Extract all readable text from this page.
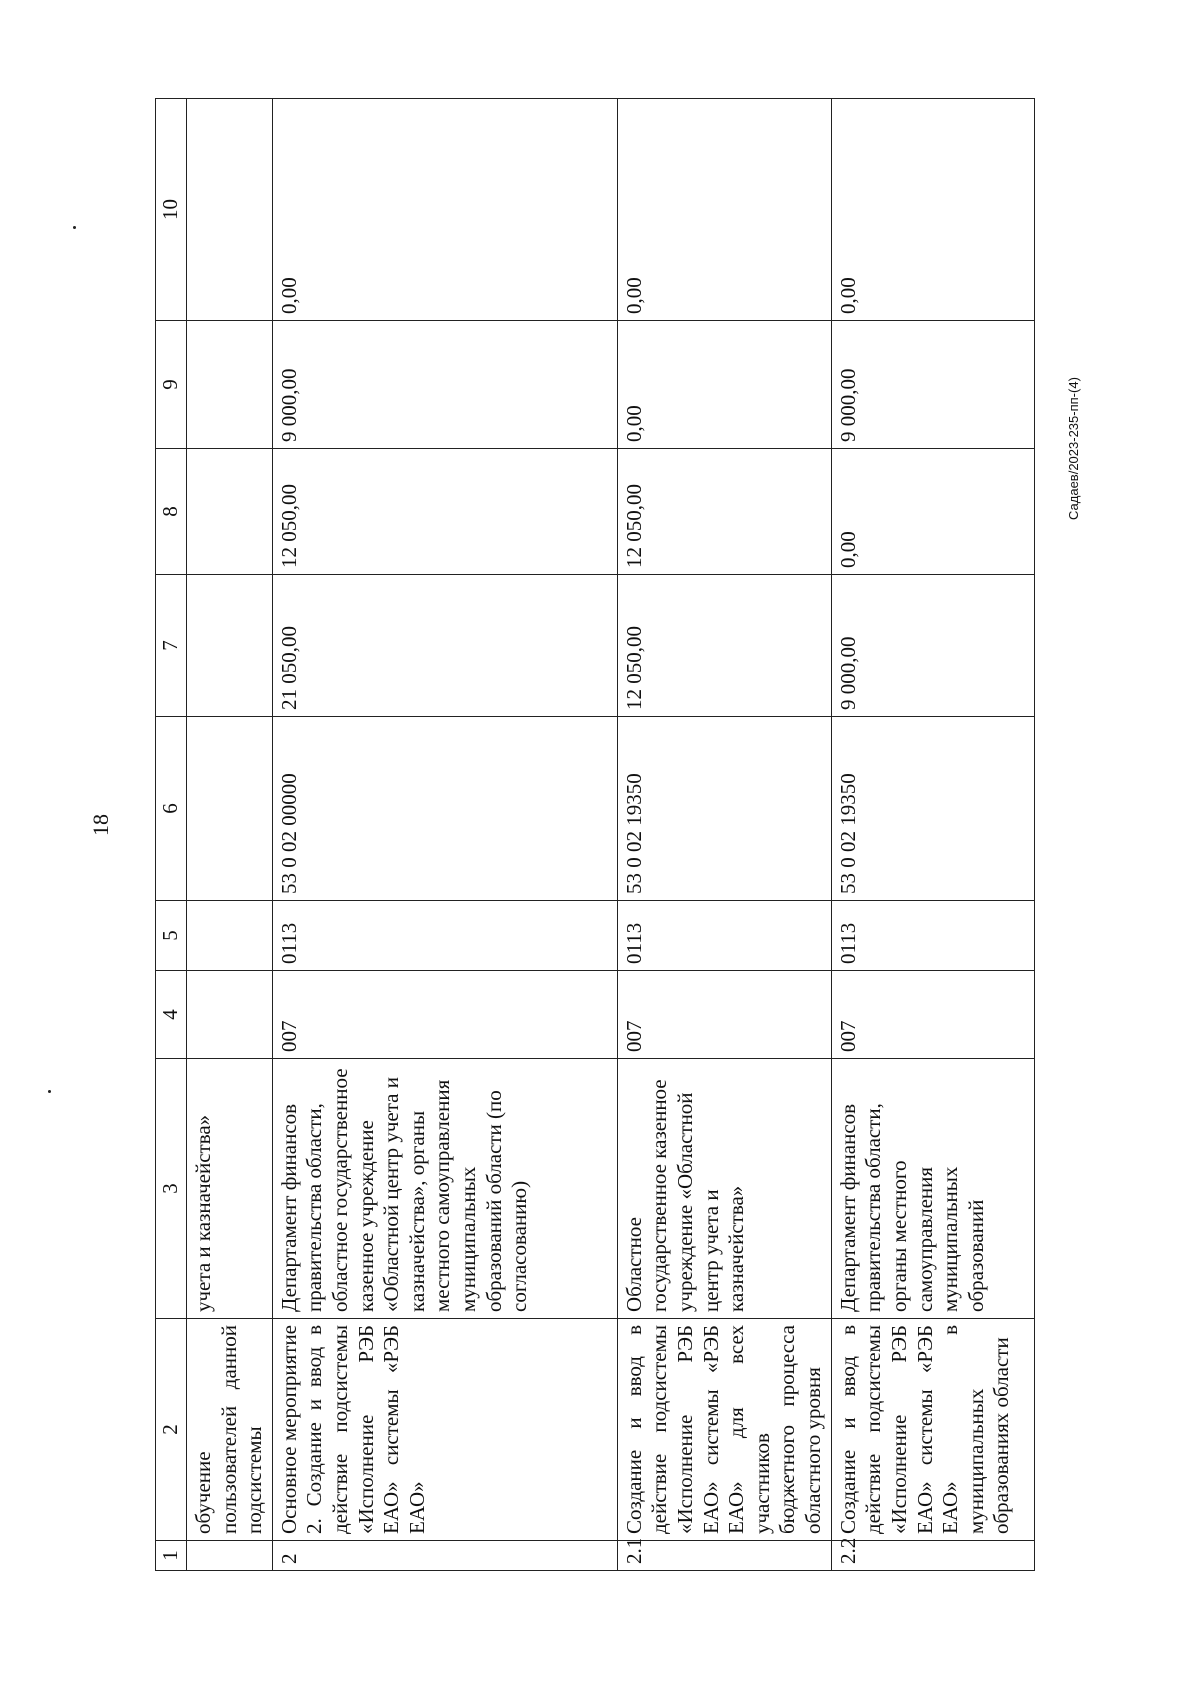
18
Садаев/2023-235-пп-(4)
1	2	3	4	5	6	7	8	9	10
	обучение пользователей данной подсистемы	учета и казначейства»							
2	Основное мероприятие 2. Создание и ввод в действие подсистемы «Исполнение РЭБ ЕАО» системы «РЭБ ЕАО»	Департамент финансов правительства области, областное государственное казенное учреждение «Областной центр учета и казначейства», органы местного самоуправления муниципальных образований области (по согласованию)	007	0113	53 0 02 00000	21 050,00	12 050,00	9 000,00	0,00
2.1	Создание и ввод в действие подсистемы «Исполнение РЭБ ЕАО» системы «РЭБ ЕАО» для всех участников бюджетного процесса областного уровня	Областное государственное казенное учреждение «Областной центр учета и казначейства»	007	0113	53 0 02 19350	12 050,00	12 050,00	0,00	0,00
2.2	Создание и ввод в действие подсистемы «Исполнение РЭБ ЕАО» системы «РЭБ ЕАО» в муниципальных образованиях области	Департамент финансов правительства области, органы местного самоуправления муниципальных образований	007	0113	53 0 02 19350	9 000,00	0,00	9 000,00	0,00
